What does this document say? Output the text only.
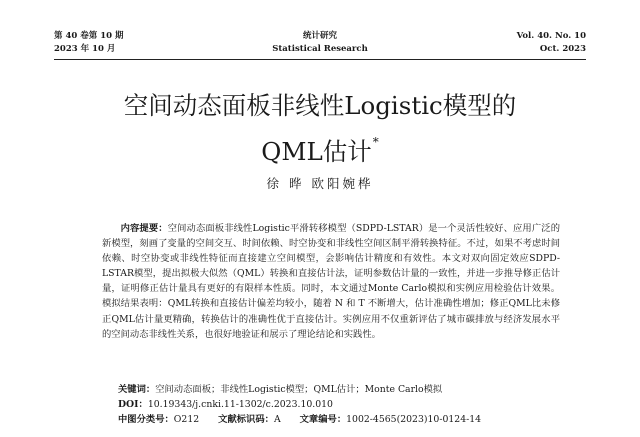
第 40 卷第 10 期
2023 年 10 月
统计研究
Statistical Research
Vol. 40. No. 10
Oct. 2023
空间动态面板非线性Logistic模型的
QML估计*
徐 晔 欧阳婉桦
内容提要：空间动态面板非线性Logistic平滑转移模型（SDPD-LSTAR）是一个灵活性较好、应用广泛的新模型，刻画了变量的空间交互、时间依赖、时空协变和非线性空间区制平滑转换特征。不过，如果不考虑时间依赖、时空协变或非线性特征而直接建立空间模型，会影响估计精度和有效性。本文对双向固定效应SDPD-LSTAR模型，提出拟极大似然（QML）转换和直接估计法，证明参数估计量的一致性，并进一步推导修正估计量，证明修正估计量具有更好的有限样本性质。同时，本文通过Monte Carlo模拟和实例应用检验估计效果。模拟结果表明：QML转换和直接估计偏差均较小，随着 N 和 T 不断增大，估计准确性增加；修正QML比未修正QML估计量更精确，转换估计的准确性优于直接估计。实例应用不仅重新评估了城市碳排放与经济发展水平的空间动态非线性关系，也很好地验证和展示了理论结论和实践性。
关键词：空间动态面板；非线性Logistic模型；QML估计；Monte Carlo模拟
DOI：10.19343/j.cnki.11-1302/c.2023.10.010
中图分类号：O212 文献标识码：A 文章编号：1002-4565(2023)10-0124-14
